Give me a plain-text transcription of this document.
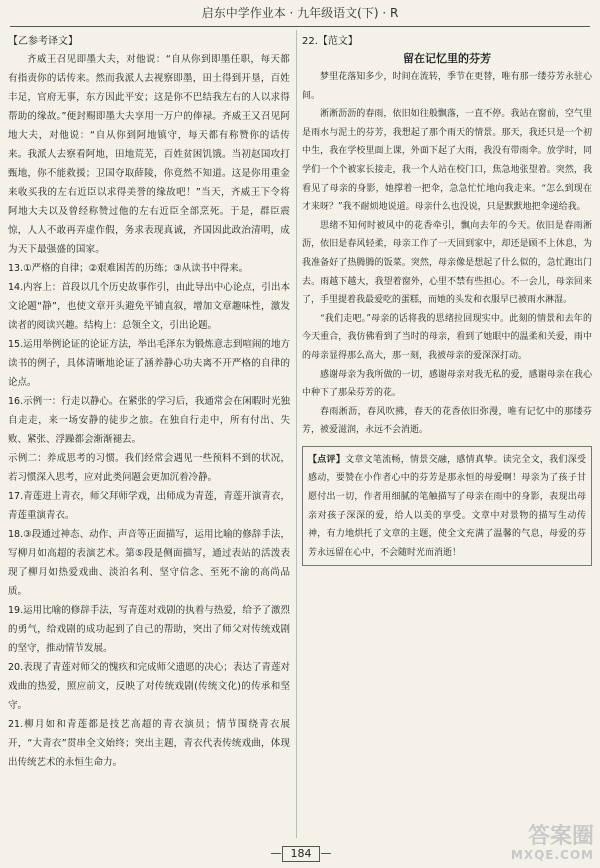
启东中学作业本 · 九年级语文(下) · R
【乙参考译文】

齐威王召见即墨大夫，对他说：“自从你到即墨任职，每天都有指责你的话传来。然而我派人去视察即墨，田土得到开垦，百姓丰足，官府无事，东方因此平安；这是你不巴结我左右的人以求得帮助的缘故。”便封赐即墨大夫享用一万户的俸禄。齐威王又召见阿地大夫，对他说：“自从你到阿地镇守，每天都有称赞你的话传来。我派人去察看阿地，田地荒芜，百姓贫困饥饿。当初赵国攻打甄地，你不能救援；卫国夺取薛陵，你竟然不知道。这是你用重金来收买我的左右近臣以求得美誉的缘故吧！”当天，齐威王下令将阿地大夫以及曾经称赞过他的左右近臣全部烹死。于是，群臣震惊，人人不敢再弄虚作假，务求表现真诚，齐国因此政治清明，成为天下最强盛的国家。

13.①严格的自律；②艰难困苦的历练；③从读书中得来。
14.内容上：首段以几个历史故事作引，由此导出中心论点，引出本文论题“静”，也使文章开头避免平铺直叙，增加文章趣味性，激发读者的阅读兴趣。结构上：总领全文，引出论题。
15.运用举例论证的论证方法，举出毛泽东为锻炼意志到喧闹的地方读书的例子，具体清晰地论证了涵养静心功夫离不开严格的自律的论点。
16.示例一：行走以静心。在紧张的学习后，我通常会在闲暇时光独自走走，来一场安静的徒步之旅。在独自行走中，所有付出、失败、紧张、浮躁都会渐渐褪去。
示例二：养成思考的习惯。我们经常会遇见一些预料不到的状况，若习惯深入思考，应对此类问题会更加沉着冷静。
17.青莲进上青衣，师父拜师学戏，出师成为青莲，青莲开演青衣，青莲重演青衣。
18.③段通过神态、动作、声音等正面描写，运用比喻的修辞手法，写柳月如高超的表演艺术。第⑤段是侧面描写，通过表站的活泼表现了柳月如热爱戏曲、淡泊名利、坚守信念、至死不渝的高尚品质。
19.运用比喻的修辞手法，写青莲对戏剧的执着与热爱，给予了激烈的勇气，给戏剧的成功起到了自己的帮助，突出了师父对传统戏剧的坚守，推动情节发展。
20.表现了青莲对师父的愧疚和完成师父遗愿的决心；表达了青莲对戏曲的热爱，照应前文，反映了对传统戏剧(传统文化)的传承和坚守。
21.柳月如和青莲都是技艺高超的青衣演员；情节围绕青衣展开，“大青衣”贯串全文始终；突出主题，青衣代表传统戏曲，体现出传统艺术的永恒生命力。
22.【范文】
留在记忆里的芬芳

梦里花落知多少，时间在流转，季节在更替，唯有那一缕芬芳永驻心间。

淅淅沥沥的春雨，依旧如往般飘落，一直不停。我站在窗前，空气里是雨水与泥土的芬芳，我想起了那个雨天的情景。那天，我还只是一个初中生，我在学校里面上课，外面下起了大雨，我没有带雨伞。放学时，同学们一个个被家长接走，我一个人站在校门口，焦急地张望着。突然，我看见了母亲的身影，她撑着一把伞，急急忙忙地向我走来。“怎么到现在才来呀？”我不耐烦地说道。母亲什么也没说，只是默默地把伞递给我。

思绪不知何时被风中的花香牵引，飘向去年的今天。依旧是春雨淅沥，依旧是春风轻柔，母亲工作了一天回到家中，却还是顾不上休息，为我准备好了热腾腾的饭菜。突然，母亲像是想起了什么似的，急忙跑出门去。雨越下越大，我望着窗外，心里不禁有些担心。不一会儿，母亲回来了，手里提着我最爱吃的蛋糕，而她的头发和衣服早已被雨水淋湿。

“我们走吧。”母亲的话将我的思绪拉回现实中。此刻的情景和去年的今天重合，我仿佛看到了当时的母亲，看到了她眼中的温柔和关爱，雨中的母亲显得那么高大，那一刻，我被母亲的爱深深打动。

感谢母亲为我所做的一切，感谢母亲对我无私的爱，感谢母亲在我心中种下了那朵芬芳的花。

春雨淅沥，春风吹拂，春天的花香依旧弥漫，唯有记忆中的那缕芬芳，被爱滋润，永远不会消逝。

【点评】文章文笔流畅，情景交融，感情真挚。读完全文，我们深受感动，要赞在小作者心中的芬芳是那永恒的母爱啊！母亲为了孩子甘愿付出一切，作者用细腻的笔触描写了母亲在雨中的身影，表现出母亲对孩子深深的爱，给人以美的享受。文章中对景物的描写生动传神，有力地烘托了文章的主题，使全文充满了温馨的气息，母爱的芬芳永远留在心中，不会随时光而消逝！

184
答案圈
MXQE.COM
